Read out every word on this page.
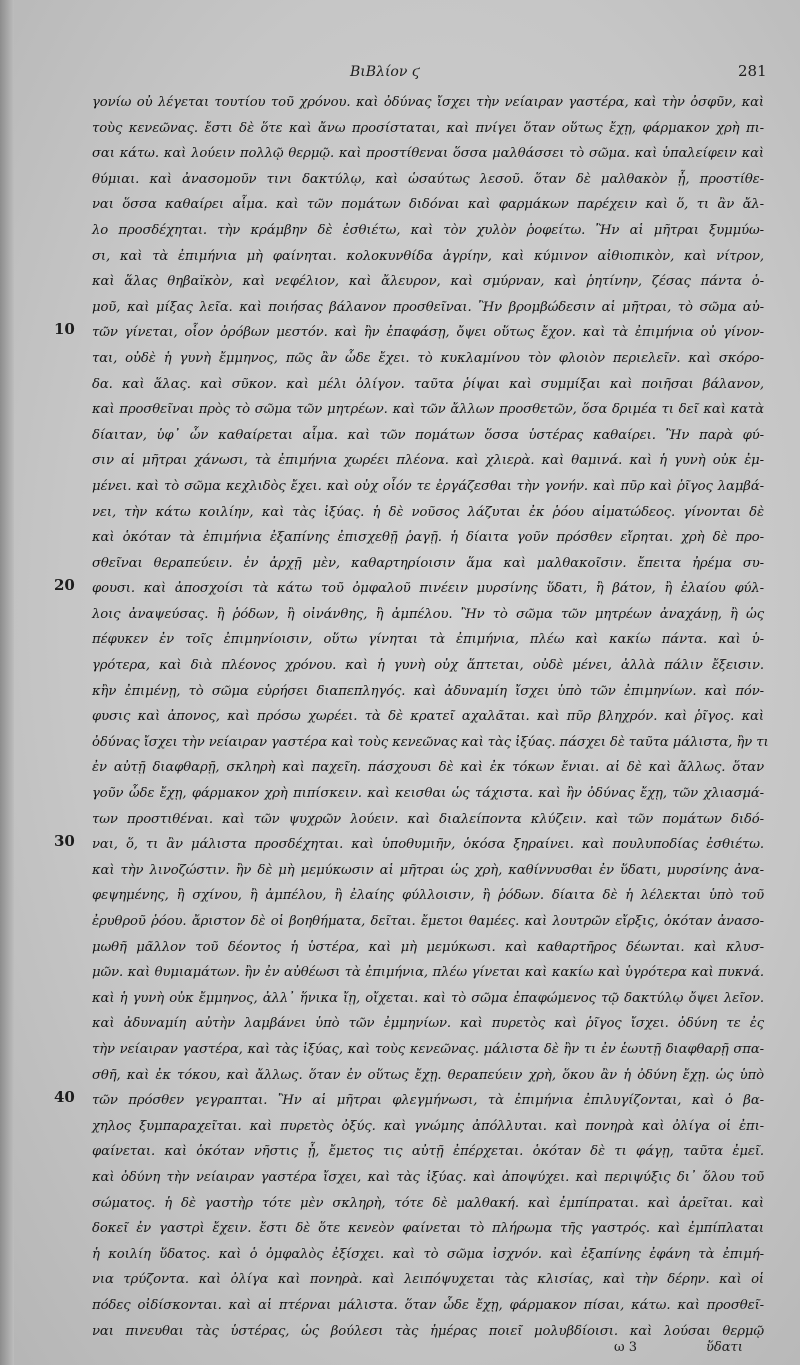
ΒιΒλίον ϛ	281
γονίω οὐ λέγεται τουτίου τοῦ χρόνου. καὶ ὀδύνας ἴσχει τὴν νείαιραν γαστέρα, καὶ τὴν ὀσφῦν, καὶ
τοὺς κενεῶνας. ἔστι δὲ ὅτε καὶ ἄνω προσίσταται, καὶ πνίγει ὅταν οὕτως ἔχῃ, φάρμακον χρὴ πι-
σαι κάτω. καὶ λούειν πολλῷ θερμῷ. καὶ προστίθεναι ὅσσα μαλθάσσει τὸ σῶμα. καὶ ὑπαλείφειν καὶ
θύμιαι. καὶ ἀνασομοῦν τινι δακτύλῳ, καὶ ὡσαύτως λεσοῦ. ὅταν δὲ μαλθακὸν ᾖ, προστίθε-
ναι ὅσσα καθαίρει αἷμα. καὶ τῶν πομάτων διδόναι καὶ φαρμάκων παρέχειν καὶ ὅ, τι ἂν ἄλ-
λο προσδέχηται. τὴν κράμβην δὲ ἐσθιέτω, καὶ τὸν χυλὸν ῥοφείτω. Ἢν αἱ μῆτραι ξυμμύω-
σι, καὶ τὰ ἐπιμήνια μὴ φαίνηται. κολοκυνθίδα ἀγρίην, καὶ κύμινον αἰθιοπικὸν, καὶ νίτρον,
καὶ ἅλας θηβαϊκὸν, καὶ νεφέλιον, καὶ ἄλευρον, καὶ σμύρναν, καὶ ῥητίνην, ζέσας πάντα ὁ-
μοῦ, καὶ μίξας λεῖα. καὶ ποιήσας βάλανον προσθεῖναι. Ἢν βρομβώδεσιν αἱ μῆτραι, τὸ σῶμα αὐ-
τῶν γίνεται, οἷον ὀρόβων μεστόν. καὶ ἢν ἐπαφάσῃ, ὄψει οὕτως ἔχον. καὶ τὰ ἐπιμήνια οὐ γίνον-
ται, οὐδὲ ἡ γυνὴ ἔμμηνος, πῶς ἂν ὧδε ἔχει. τὸ κυκλαμίνου τὸν φλοιὸν περιελεῖν. καὶ σκόρο-
δα. καὶ ἅλας. καὶ σῦκον. καὶ μέλι ὀλίγον. ταῦτα ῥίψαι καὶ συμμίξαι καὶ ποιῆσαι βάλανον,
καὶ προσθεῖναι πρὸς τὸ σῶμα τῶν μητρέων. καὶ τῶν ἄλλων προσθετῶν, ὅσα δριμέα τι δεῖ καὶ κατὰ
δίαιταν, ὑφ᾽ ὧν καθαίρεται αἷμα. καὶ τῶν πομάτων ὅσσα ὑστέρας καθαίρει. Ἢν παρὰ φύ-
σιν αἱ μῆτραι χάνωσι, τὰ ἐπιμήνια χωρέει πλέονα. καὶ χλιερὰ. καὶ θαμινά. καὶ ἡ γυνὴ οὐκ ἐμ-
μένει. καὶ τὸ σῶμα κεχλιδὸς ἔχει. καὶ οὐχ οἷόν τε ἐργάζεσθαι τὴν γονήν. καὶ πῦρ καὶ ῥῖγος λαμβά-
νει, τὴν κάτω κοιλίην, καὶ τὰς ἰξύας. ἡ δὲ νοῦσος λάζυται ἐκ ῥόου αἱματώδεος. γίνονται δὲ
καὶ ὁκόταν τὰ ἐπιμήνια ἐξαπίνης ἐπισχεθῇ ῥαγῇ. ἡ δίαιτα γοῦν πρόσθεν εἴρηται. χρὴ δὲ προ-
σθεῖναι θεραπεύειν. ἐν ἀρχῇ μὲν, καθαρτηρίοισιν ἅμα καὶ μαλθακοῖσιν. ἔπειτα ἠρέμα συ-
φουσι. καὶ ἀποσχοίσι τὰ κάτω τοῦ ὀμφαλοῦ πινέειν μυρσίνης ὕδατι, ἢ βάτον, ἢ ἐλαίου φύλ-
λοις ἀναψεύσας. ἢ ῥόδων, ἢ οἰνάνθης, ἢ ἀμπέλου. Ἢν τὸ σῶμα τῶν μητρέων ἀναχάνῃ, ἢ ὡς
πέφυκεν ἐν τοῖς ἐπιμηνίοισιν, οὕτω γίνηται τὰ ἐπιμήνια, πλέω καὶ κακίω πάντα. καὶ ὑ-
γρότερα, καὶ διὰ πλέονος χρόνου. καὶ ἡ γυνὴ οὐχ ἅπτεται, οὐδὲ μένει, ἀλλὰ πάλιν ἔξεισιν.
κἢν ἐπιμένῃ, τὸ σῶμα εὑρήσει διαπεπληγός. καὶ ἀδυναμίη ἴσχει ὑπὸ τῶν ἐπιμηνίων. καὶ πόν-
φυσις καὶ ἀπονος, καὶ πρόσω χωρέει. τὰ δὲ κρατεῖ αχαλᾶται. καὶ πῦρ βληχρόν. καὶ ῥῖγος. καὶ
ὀδύνας ἴσχει τὴν νείαιραν γαστέρα καὶ τοὺς κενεῶνας καὶ τὰς ἰξύας. πάσχει δὲ ταῦτα μάλιστα, ἢν τι
ἐν αὐτῇ διαφθαρῇ, σκληρὴ καὶ παχεῖη. πάσχουσι δὲ καὶ ἐκ τόκων ἔνιαι. αἱ δὲ καὶ ἄλλως. ὅταν
γοῦν ὧδε ἔχῃ, φάρμακον χρὴ πιπίσκειν. καὶ κεισθαι ὡς τάχιστα. καὶ ἢν ὀδύνας ἔχῃ, τῶν χλιασμά-
των προστιθέναι. καὶ τῶν ψυχρῶν λούειν. καὶ διαλείποντα κλύζειν. καὶ τῶν πομάτων διδό-
ναι, ὅ, τι ἂν μάλιστα προσδέχηται. καὶ ὑποθυμιῆν, ὁκόσα ξηραίνει. καὶ πουλυποδίας ἐσθιέτω.
καὶ τὴν λινοζώστιν. ἢν δὲ μὴ μεμύκωσιν αἱ μῆτραι ὡς χρὴ, καθίννυσθαι ἐν ὕδατι, μυρσίνης ἀνα-
φεψημένης, ἢ σχίνου, ἢ ἀμπέλου, ἢ ἐλαίης φύλλοισιν, ἢ ῥόδων. δίαιτα δὲ ἡ λέλεκται ὑπὸ τοῦ
ἐρυθροῦ ῥόου. ἄριστον δὲ οἱ βοηθήματα, δεῖται. ἔμετοι θαμέες. καὶ λουτρῶν εἴρξις, ὁκόταν ἀνασο-
μωθῆ μᾶλλον τοῦ δέοντος ἡ ὑστέρα, καὶ μὴ μεμύκωσι. καὶ καθαρτῆρος δέωνται. καὶ κλυσ-
μῶν. καὶ θυμιαμάτων. ἢν ἐν αὐθέωσι τὰ ἐπιμήνια, πλέω γίνεται καὶ κακίω καὶ ὑγρότερα καὶ πυκνά.
καὶ ἡ γυνὴ οὐκ ἔμμηνος, ἀλλ᾽ ἥνικα ἴῃ, οἴχεται. καὶ τὸ σῶμα ἐπαφώμενος τῷ δακτύλῳ ὄψει λεῖον.
καὶ ἀδυναμίη αὐτὴν λαμβάνει ὑπὸ τῶν ἐμμηνίων. καὶ πυρετὸς καὶ ῥῖγος ἴσχει. ὀδύνη τε ἐς
τὴν νείαιραν γαστέρα, καὶ τὰς ἰξύας, καὶ τοὺς κενεῶνας. μάλιστα δὲ ἢν τι ἐν ἑωυτῇ διαφθαρῇ σπα-
σθῆ, καὶ ἐκ τόκου, καὶ ἄλλως. ὅταν ἐν οὕτως ἔχῃ. θεραπεύειν χρὴ, ὅκου ἂν ἡ ὀδύνη ἔχῃ. ὡς ὑπὸ
τῶν πρόσθεν γεγραπται. Ἢν αἱ μῆτραι φλεγμήνωσι, τὰ ἐπιμήνια ἐπιλυγίζονται, καὶ ὁ βα-
χηλος ξυμπαραχεῖται. καὶ πυρετὸς ὀξύς. καὶ γνώμης ἀπόλλυται. καὶ πονηρὰ καὶ ὀλίγα οἱ ἐπι-
φαίνεται. καὶ ὁκόταν νῆστις ᾖ, ἔμετος τις αὐτῇ ἐπέρχεται. ὁκόταν δὲ τι φάγῃ, ταῦτα ἐμεῖ.
καὶ ὀδύνη τὴν νείαιραν γαστέρα ἴσχει, καὶ τὰς ἰξύας. καὶ ἀποψύχει. καὶ περιψύξις δι᾽ ὅλου τοῦ
σώματος. ἡ δὲ γαστὴρ τότε μὲν σκληρὴ, τότε δὲ μαλθακή. καὶ ἐμπίπραται. καὶ ἀρεῖται. καὶ
δοκεῖ ἐν γαστρὶ ἔχειν. ἔστι δὲ ὅτε κενεὸν φαίνεται τὸ πλήρωμα τῆς γαστρός. καὶ ἐμπίπλαται
ἡ κοιλίη ὕδατος. καὶ ὁ ὀμφαλὸς ἐξίσχει. καὶ τὸ σῶμα ἰσχνόν. καὶ ἐξαπίνης ἐφάνη τὰ ἐπιμή-
νια τρύζοντα. καὶ ὀλίγα καὶ πονηρὰ. καὶ λειπόψυχεται τὰς κλισίας, καὶ τὴν δέρην. καὶ οἱ
πόδες οἰδίσκονται. καὶ αἱ πτέρναι μάλιστα. ὅταν ὧδε ἔχῃ, φάρμακον πίσαι, κάτω. καὶ προσθεῖ-
ναι πινευθαι τὰς ὑστέρας, ὡς βούλεσι τὰς ἡμέρας ποιεῖ μολυβδίοισι. καὶ λούσαι θερμῷ
ω 3	ὕδατι
10
20
30
40
